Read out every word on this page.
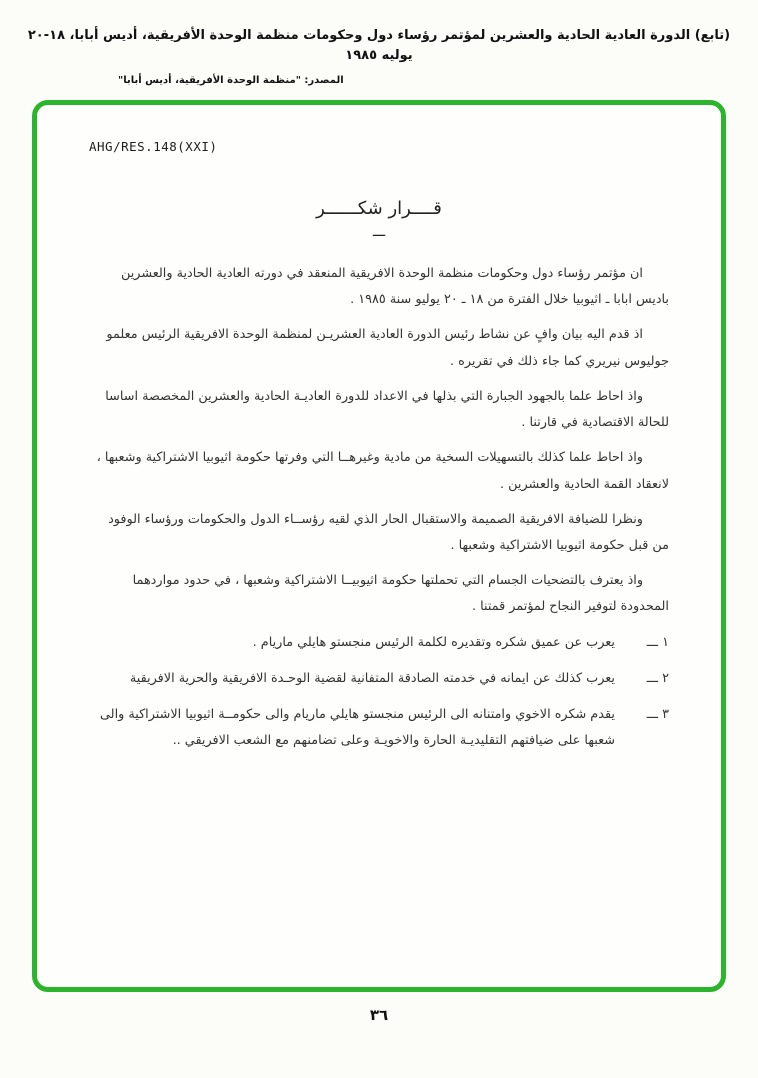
(تابع) الدورة العادية الحادية والعشرين لمؤتمر رؤساء دول وحكومات منظمة الوحدة الأفريقية، أديس أبابا، ١٨-٢٠ يوليه ١٩٨٥
المصدر: "منظمة الوحدة الأفريقية، أديس أبابا"
AHG/RES.148(XXI)
قــــرار شكــــــر
ـــ

ان مؤتمر رؤساء دول وحكومات منظمة الوحدة الافريقية المنعقد في دورته العادية الحادية والعشرين باديس ابابا ـ اثيوبيا خلال الفترة من ١٨ ـ ٢٠ يوليو سنة ١٩٨٥ .

اذ قدم اليه بيان وافٍ عن نشاط رئيس الدورة العادية العشريـن لمنظمة الوحدة الافريقية الرئيس معلمو جوليوس نيريري كما جاء ذلك في تقريره .

واذ احاط علما بالجهود الجبارة التي بذلها في الاعداد للدورة العاديـة الحادية والعشرين المخصصة اساسا للحالة الاقتصادية في قارتنا .

واذ احاط علما كذلك بالتسهيلات السخية من مادية وغيرهــا التي وفرتها حكومة اثيوبيا الاشتراكية وشعبها ، لانعقاد القمة الحادية والعشرين .

ونظرا للضيافة الافريقية الصميمة والاستقبال الحار الذي لقيه رؤســاء الدول والحكومات ورؤساء الوفود من قبل حكومة اثيوبيا الاشتراكية وشعبها .

واذ يعترف بالتضحيات الجسام التي تحملتها حكومة اثيوبيــا الاشتراكية وشعبها ، في حدود مواردهما المحدودة لتوفير النجاح لمؤتمر قمتنا .

١ ـــ
يعرب عن عميق شكره وتقديره لكلمة الرئيس منجستو هايلي ماريام .
٢ ـــ
يعرب كذلك عن ايمانه في خدمته الصادقة المتفانية لقضية الوحـدة الافريقية والحرية الافريقية
٣ ـــ
يقدم شكره الاخوي وامتنانه الى الرئيس منجستو هايلي ماريام والى حكومــة اثيوبيا الاشتراكية والى شعبها على ضيافتهم التقليديـة الحارة والاخويـة وعلى تضامنهم مع الشعب الافريقي ..
٣٦
